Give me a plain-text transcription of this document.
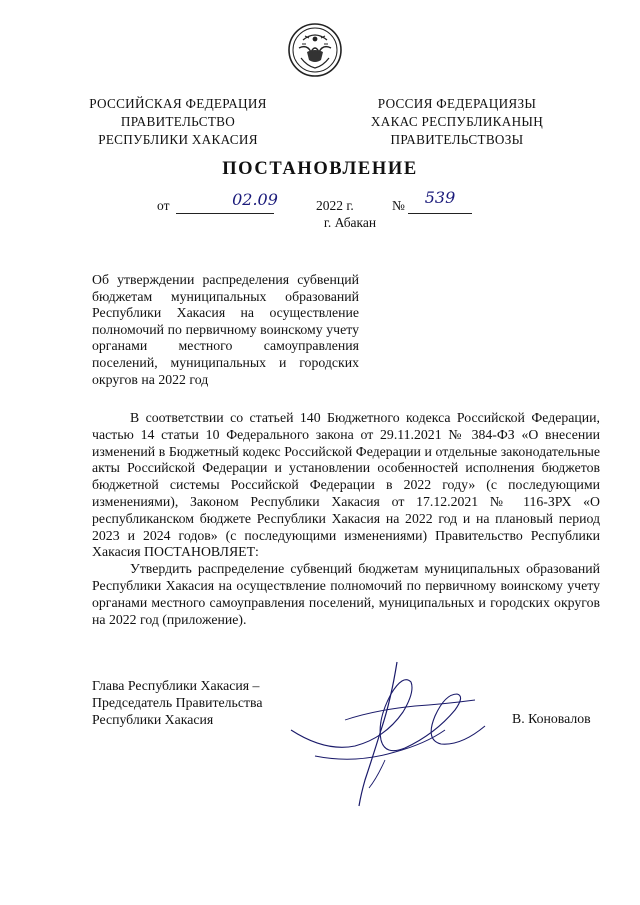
РОССИЙСКАЯ ФЕДЕРАЦИЯ
ПРАВИТЕЛЬСТВО
РЕСПУБЛИКИ ХАКАСИЯ
РОССИЯ ФЕДЕРАЦИЯЗЫ
ХАКАС РЕСПУБЛИКАНЫҢ
ПРАВИТЕЛЬСТВОЗЫ
ПОСТАНОВЛЕНИЕ
от	02.09	2022 г.	№	539
г. Абакан
Об утверждении распределения субвенций бюджетам муниципальных образований Республики Хакасия на осуществление полномочий по первичному воинскому учету органами местного самоуправления поселений, муниципальных и городских округов на 2022 год

В соответствии со статьей 140 Бюджетного кодекса Российской Федерации, частью 14 статьи 10 Федерального закона от 29.11.2021 № 384-ФЗ «О внесении изменений в Бюджетный кодекс Российской Федерации и отдельные законодательные акты Российской Федерации и установлении особенностей исполнения бюджетов бюджетной системы Российской Федерации в 2022 году» (с последующими изменениями), Законом Республики Хакасия от 17.12.2021 № 116-ЗРХ «О республиканском бюджете Республики Хакасия на 2022 год и на плановый период 2023 и 2024 годов» (с последующими изменениями) Правительство Республики Хакасия ПОСТАНОВЛЯЕТ:

Утвердить распределение субвенций бюджетам муниципальных образований Республики Хакасия на осуществление полномочий по первичному воинскому учету органами местного самоуправления поселений, муниципальных и городских округов на 2022 год (приложение).

Глава Республики Хакасия –
Председатель Правительства
Республики Хакасия	В. Коновалов
